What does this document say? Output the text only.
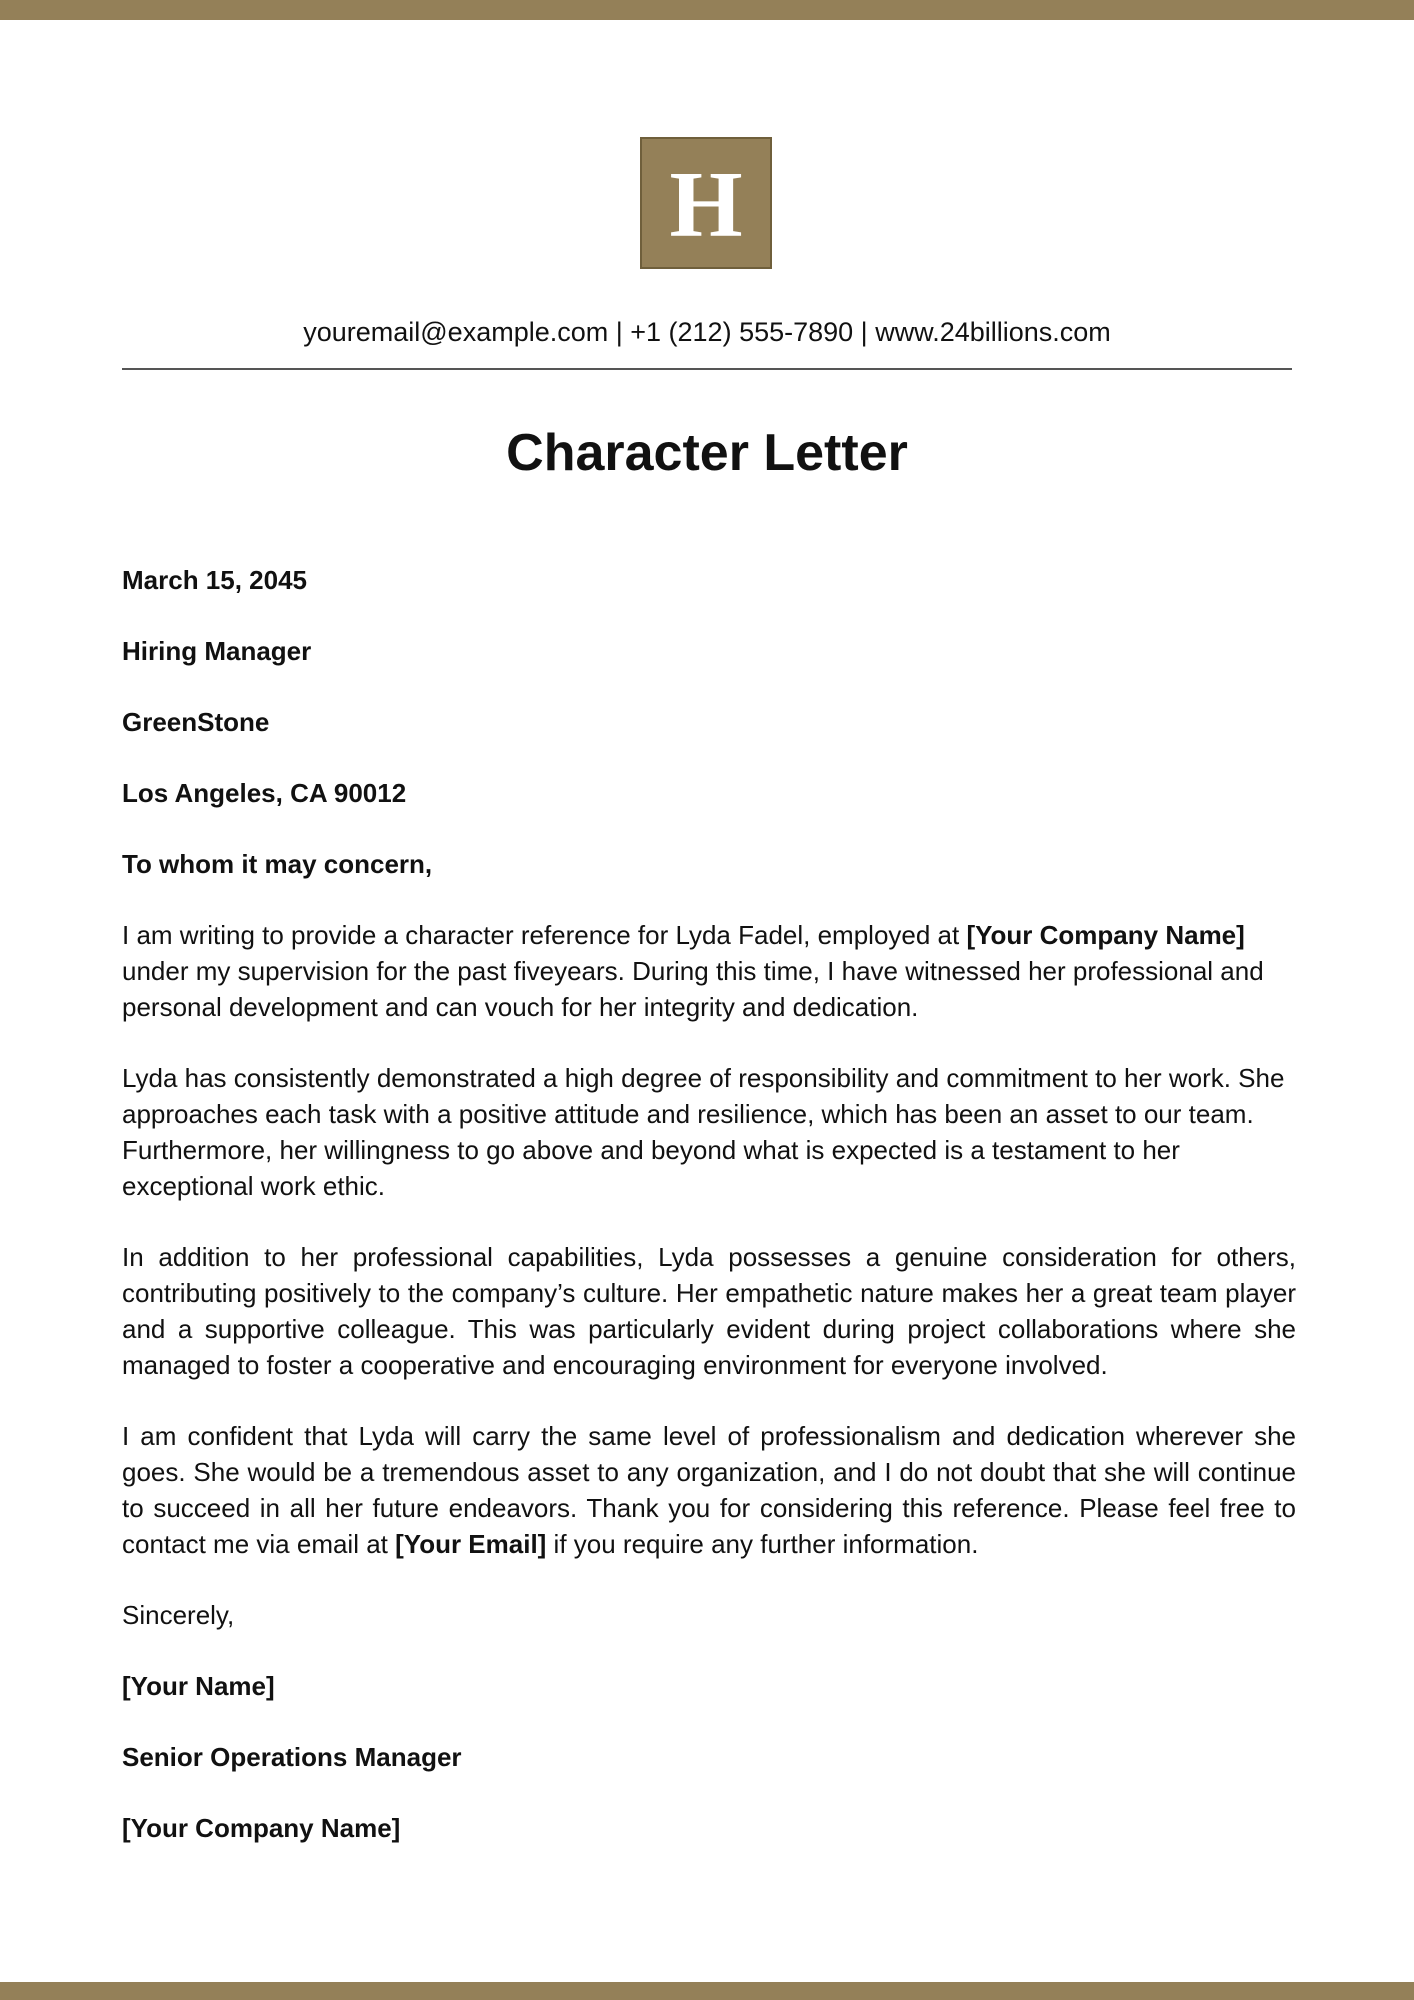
H
youremail@example.com | +1 (212) 555-7890 | www.24billions.com
Character Letter

March 15, 2045

Hiring Manager

GreenStone

Los Angeles, CA 90012

To whom it may concern,

I am writing to provide a character reference for Lyda Fadel, employed at [Your Company Name] under my supervision for the past fiveyears. During this time, I have witnessed her professional and personal development and can vouch for her integrity and dedication.

Lyda has consistently demonstrated a high degree of responsibility and commitment to her work. She approaches each task with a positive attitude and resilience, which has been an asset to our team. Furthermore, her willingness to go above and beyond what is expected is a testament to her exceptional work ethic.

In addition to her professional capabilities, Lyda possesses a genuine consideration for others, contributing positively to the company’s culture. Her empathetic nature makes her a great team player and a supportive colleague. This was particularly evident during project collaborations where she managed to foster a cooperative and encouraging environment for everyone involved.

I am confident that Lyda will carry the same level of professionalism and dedication wherever she goes. She would be a tremendous asset to any organization, and I do not doubt that she will continue to succeed in all her future endeavors. Thank you for considering this reference. Please feel free to contact me via email at [Your Email] if you require any further information.

Sincerely,

[Your Name]

Senior Operations Manager

[Your Company Name]
